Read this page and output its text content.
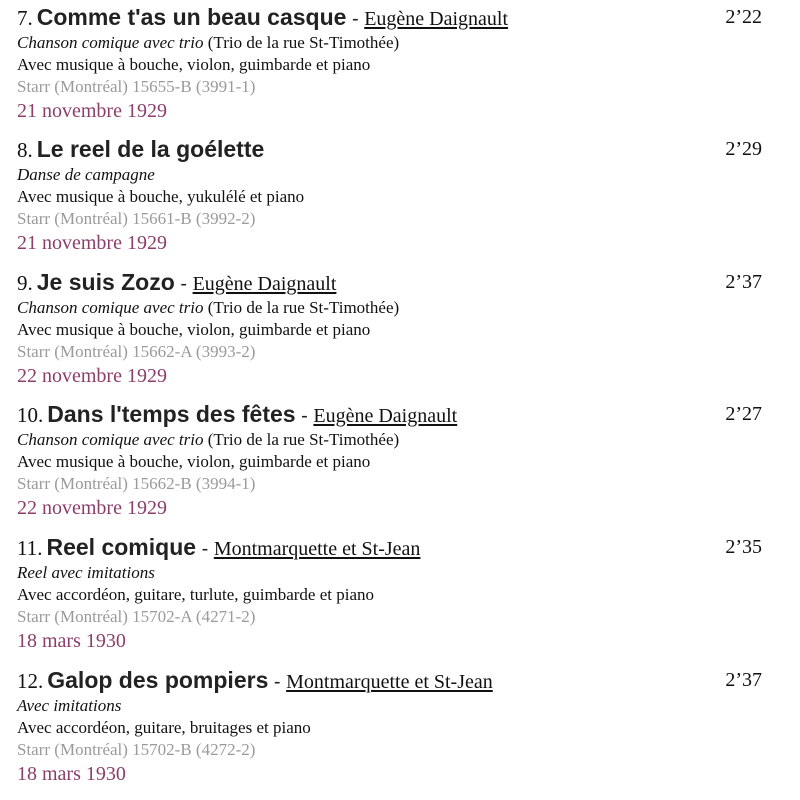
7. Comme t'as un beau casque - Eugène Daignault	2’22
Chanson comique avec trio (Trio de la rue St-Timothée)
Avec musique à bouche, violon, guimbarde et piano
Starr (Montréal) 15655-B (3991-1)
21 novembre 1929
8. Le reel de la goélette	2’29
Danse de campagne
Avec musique à bouche, yukulélé et piano
Starr (Montréal) 15661-B (3992-2)
21 novembre 1929
9. Je suis Zozo - Eugène Daignault	2’37
Chanson comique avec trio (Trio de la rue St-Timothée)
Avec musique à bouche, violon, guimbarde et piano
Starr (Montréal) 15662-A (3993-2)
22 novembre 1929
10. Dans l'temps des fêtes - Eugène Daignault	2’27
Chanson comique avec trio (Trio de la rue St-Timothée)
Avec musique à bouche, violon, guimbarde et piano
Starr (Montréal) 15662-B (3994-1)
22 novembre 1929
11. Reel comique - Montmarquette et St-Jean	2’35
Reel avec imitations
Avec accordéon, guitare, turlute, guimbarde et piano
Starr (Montréal) 15702-A (4271-2)
18 mars 1930
12. Galop des pompiers - Montmarquette et St-Jean	2’37
Avec imitations
Avec accordéon, guitare, bruitages et piano
Starr (Montréal) 15702-B (4272-2)
18 mars 1930
